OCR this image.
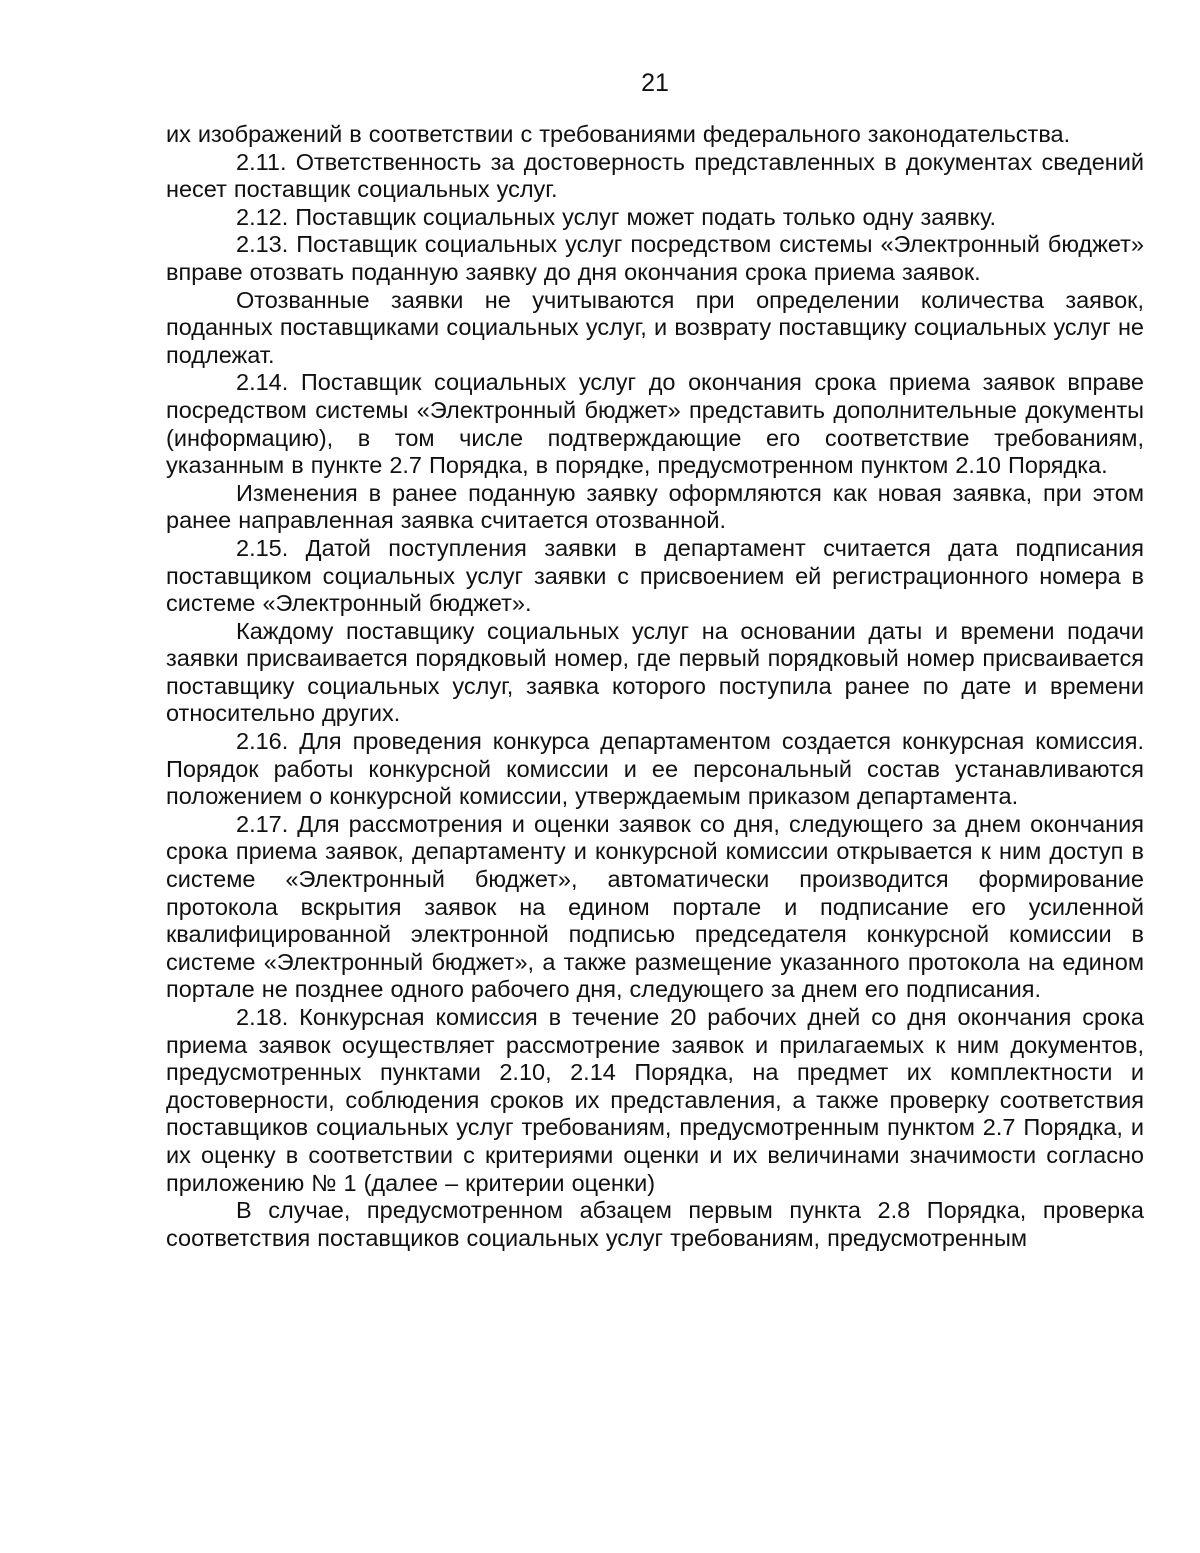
21

их изображений в соответствии с требованиями федерального законодательства.

2.11. Ответственность за достоверность представленных в документах сведений несет поставщик социальных услуг.

2.12. Поставщик социальных услуг может подать только одну заявку.

2.13. Поставщик социальных услуг посредством системы «Электронный бюджет» вправе отозвать поданную заявку до дня окончания срока приема заявок.

Отозванные заявки не учитываются при определении количества заявок, поданных поставщиками социальных услуг, и возврату поставщику социальных услуг не подлежат.

2.14. Поставщик социальных услуг до окончания срока приема заявок вправе посредством системы «Электронный бюджет» представить дополнительные документы (информацию), в том числе подтверждающие его соответствие требованиям, указанным в пункте 2.7 Порядка, в порядке, предусмотренном пунктом 2.10 Порядка.

Изменения в ранее поданную заявку оформляются как новая заявка, при этом ранее направленная заявка считается отозванной.

2.15. Датой поступления заявки в департамент считается дата подписания поставщиком социальных услуг заявки с присвоением ей регистрационного номера в системе «Электронный бюджет».

Каждому поставщику социальных услуг на основании даты и времени подачи заявки присваивается порядковый номер, где первый порядковый номер присваивается поставщику социальных услуг, заявка которого поступила ранее по дате и времени относительно других.

2.16. Для проведения конкурса департаментом создается конкурсная комиссия. Порядок работы конкурсной комиссии и ее персональный состав устанавливаются положением о конкурсной комиссии, утверждаемым приказом департамента.

2.17. Для рассмотрения и оценки заявок со дня, следующего за днем окончания срока приема заявок, департаменту и конкурсной комиссии открывается к ним доступ в системе «Электронный бюджет», автоматически производится формирование протокола вскрытия заявок на едином портале и подписание его усиленной квалифицированной электронной подписью председателя конкурсной комиссии в системе «Электронный бюджет», а также размещение указанного протокола на едином портале не позднее одного рабочего дня, следующего за днем его подписания.

2.18. Конкурсная комиссия в течение 20 рабочих дней со дня окончания срока приема заявок осуществляет рассмотрение заявок и прилагаемых к ним документов, предусмотренных пунктами 2.10, 2.14 Порядка, на предмет их комплектности и достоверности, соблюдения сроков их представления, а также проверку соответствия поставщиков социальных услуг требованиям, предусмотренным пунктом 2.7 Порядка, и их оценку в соответствии с критериями оценки и их величинами значимости согласно приложению № 1 (далее – критерии оценки)

В случае, предусмотренном абзацем первым пункта 2.8 Порядка, проверка соответствия поставщиков социальных услуг требованиям, предусмотренным
